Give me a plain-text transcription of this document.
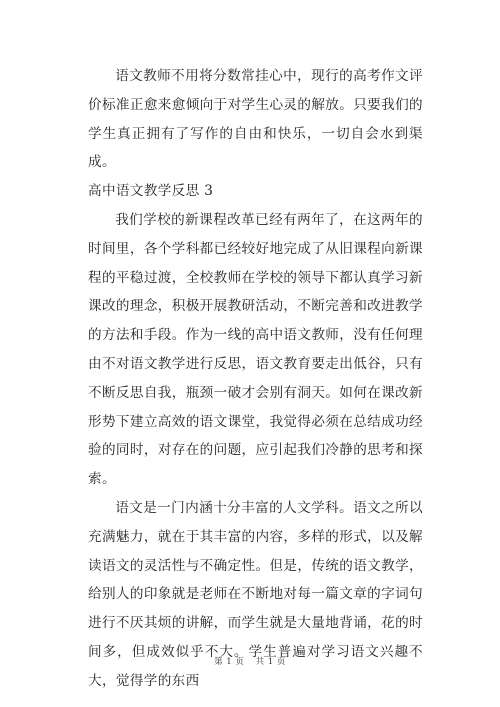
语文教师不用将分数常挂心中，现行的高考作文评价标准正愈来愈倾向于对学生心灵的解放。只要我们的学生真正拥有了写作的自由和快乐，一切自会水到渠成。

高中语文教学反思 3

我们学校的新课程改革已经有两年了，在这两年的时间里，各个学科都已经较好地完成了从旧课程向新课程的平稳过渡，全校教师在学校的领导下都认真学习新课改的理念，积极开展教研活动，不断完善和改进教学的方法和手段。作为一线的高中语文教师，没有任何理由不对语文教学进行反思，语文教育要走出低谷，只有不断反思自我，瓶颈一破才会别有洞天。如何在课改新形势下建立高效的语文课堂，我觉得必须在总结成功经验的同时，对存在的问题，应引起我们冷静的思考和探索。

语文是一门内涵十分丰富的人文学科。语文之所以充满魅力，就在于其丰富的内容，多样的形式，以及解读语文的灵活性与不确定性。但是，传统的语文教学，给别人的印象就是老师在不断地对每一篇文章的字词句进行不厌其烦的讲解，而学生就是大量地背诵，花的时间多，但成效似乎不大。学生普遍对学习语文兴趣不大，觉得学的东西

第 1 页 共 1 页
